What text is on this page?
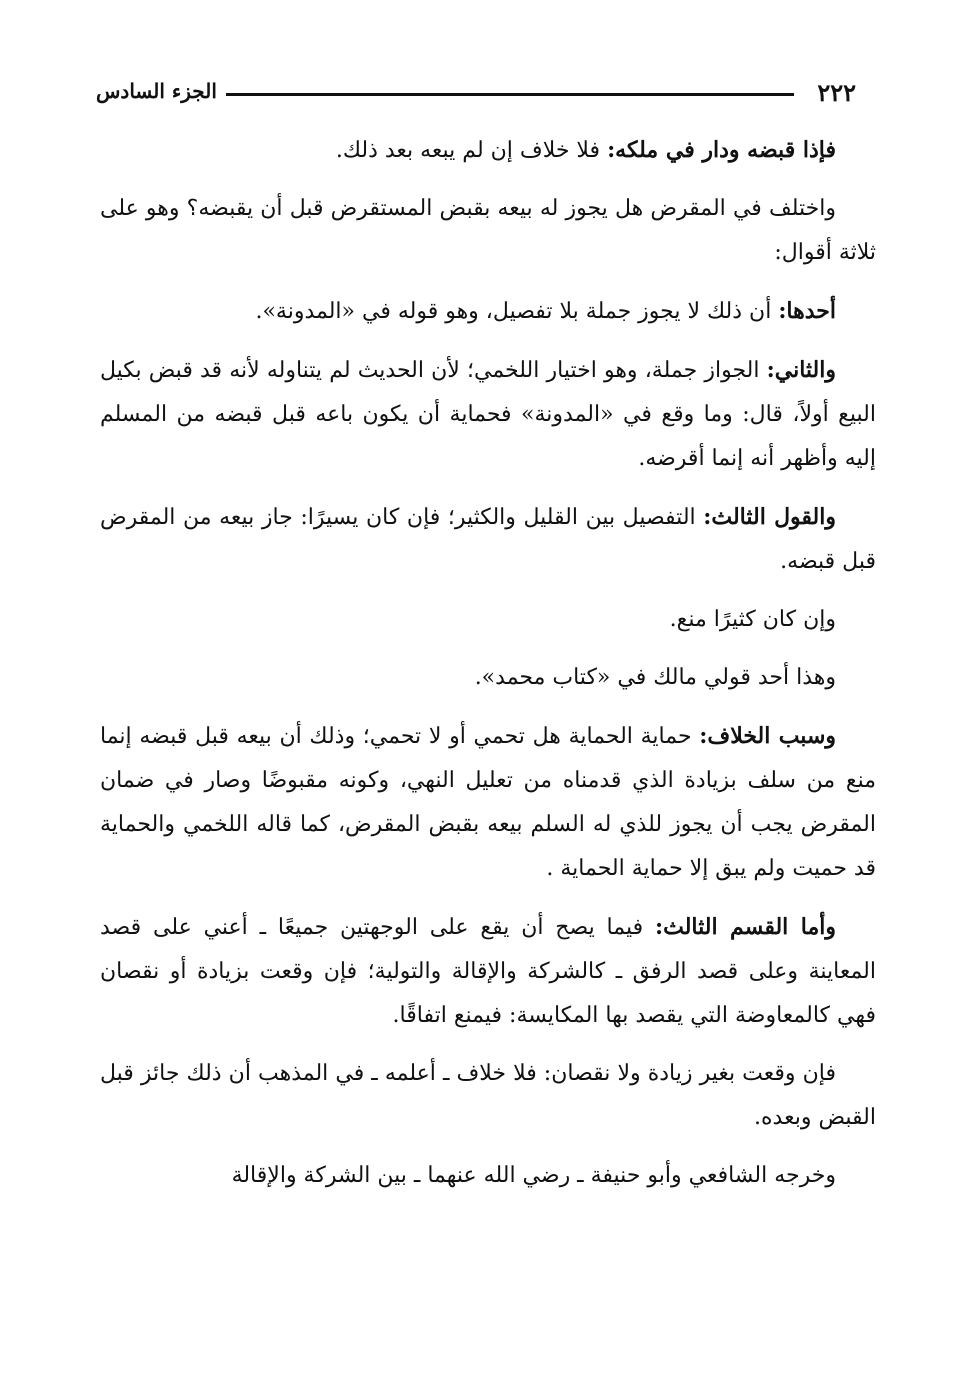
٢٢٢
الجزء السادس

فإذا قبضه ودار في ملكه: فلا خلاف إن لم يبعه بعد ذلك.

واختلف في المقرض هل يجوز له بيعه بقبض المستقرض قبل أن يقبضه؟ وهو على ثلاثة أقوال:

أحدها: أن ذلك لا يجوز جملة بلا تفصيل، وهو قوله في «المدونة».

والثاني: الجواز جملة، وهو اختيار اللخمي؛ لأن الحديث لم يتناوله لأنه قد قبض بكيل البيع أولاً، قال: وما وقع في «المدونة» فحماية أن يكون باعه قبل قبضه من المسلم إليه وأظهر أنه إنما أقرضه.

والقول الثالث: التفصيل بين القليل والكثير؛ فإن كان يسيرًا: جاز بيعه من المقرض قبل قبضه.

وإن كان كثيرًا منع.

وهذا أحد قولي مالك في «كتاب محمد».

وسبب الخلاف: حماية الحماية هل تحمي أو لا تحمي؛ وذلك أن بيعه قبل قبضه إنما منع من سلف بزيادة الذي قدمناه من تعليل النهي، وكونه مقبوضًا وصار في ضمان المقرض يجب أن يجوز للذي له السلم بيعه بقبض المقرض، كما قاله اللخمي والحماية قد حميت ولم يبق إلا حماية الحماية .

وأما القسم الثالث: فيما يصح أن يقع على الوجهتين جميعًا ـ أعني على قصد المعاينة وعلى قصد الرفق ـ كالشركة والإقالة والتولية؛ فإن وقعت بزيادة أو نقصان فهي كالمعاوضة التي يقصد بها المكايسة: فيمنع اتفاقًا.

فإن وقعت بغير زيادة ولا نقصان: فلا خلاف ـ أعلمه ـ في المذهب أن ذلك جائز قبل القبض وبعده.

وخرجه الشافعي وأبو حنيفة ـ رضي الله عنهما ـ بين الشركة والإقالة
